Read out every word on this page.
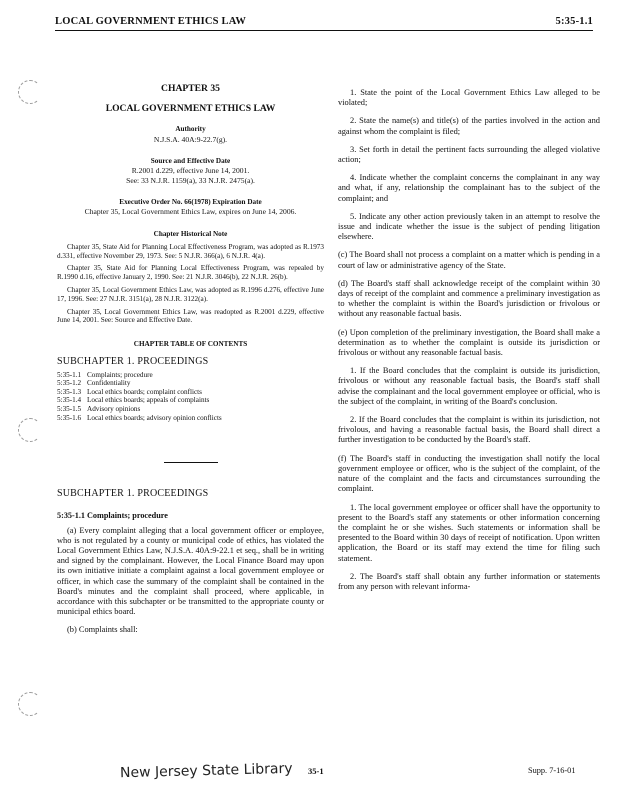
LOCAL GOVERNMENT ETHICS LAW	5:35-1.1
CHAPTER 35
LOCAL GOVERNMENT ETHICS LAW
Authority
N.J.S.A. 40A:9-22.7(g).
Source and Effective Date
R.2001 d.229, effective June 14, 2001.
See: 33 N.J.R. 1159(a), 33 N.J.R. 2475(a).
Executive Order No. 66(1978) Expiration Date
Chapter 35, Local Government Ethics Law, expires on June 14, 2006.
Chapter Historical Note
Chapter 35, State Aid for Planning Local Effectiveness Program, was adopted as R.1973 d.331, effective November 29, 1973. See: 5 N.J.R. 366(a), 6 N.J.R. 4(a).
Chapter 35, State Aid for Planning Local Effectiveness Program, was repealed by R.1990 d.16, effective January 2, 1990. See: 21 N.J.R. 3046(b), 22 N.J.R. 26(b).
Chapter 35, Local Government Ethics Law, was adopted as R.1996 d.276, effective June 17, 1996. See: 27 N.J.R. 3151(a), 28 N.J.R. 3122(a).
Chapter 35, Local Government Ethics Law, was readopted as R.2001 d.229, effective June 14, 2001. See: Source and Effective Date.
CHAPTER TABLE OF CONTENTS
SUBCHAPTER 1. PROCEEDINGS
5:35-1.1	Complaints; procedure
5:35-1.2	Confidentiality
5:35-1.3	Local ethics boards; complaint conflicts
5:35-1.4	Local ethics boards; appeals of complaints
5:35-1.5	Advisory opinions
5:35-1.6	Local ethics boards; advisory opinion conflicts
SUBCHAPTER 1. PROCEEDINGS
5:35-1.1 Complaints; procedure
(a) Every complaint alleging that a local government officer or employee, who is not regulated by a county or municipal code of ethics, has violated the Local Government Ethics Law, N.J.S.A. 40A:9-22.1 et seq., shall be in writing and signed by the complainant. However, the Local Finance Board may upon its own initiative initiate a complaint against a local government employee or officer, in which case the summary of the complaint shall be contained in the Board's minutes and the complaint shall proceed, where applicable, in accordance with this subchapter or be transmitted to the appropriate county or municipal ethics board.
(b) Complaints shall:
1. State the point of the Local Government Ethics Law alleged to be violated;
2. State the name(s) and title(s) of the parties involved in the action and against whom the complaint is filed;
3. Set forth in detail the pertinent facts surrounding the alleged violative action;
4. Indicate whether the complaint concerns the complainant in any way and what, if any, relationship the complainant has to the subject of the complaint; and
5. Indicate any other action previously taken in an attempt to resolve the issue and indicate whether the issue is the subject of pending litigation elsewhere.
(c) The Board shall not process a complaint on a matter which is pending in a court of law or administrative agency of the State.
(d) The Board's staff shall acknowledge receipt of the complaint within 30 days of receipt of the complaint and commence a preliminary investigation as to whether the complaint is within the Board's jurisdiction or frivolous or without any reasonable factual basis.
(e) Upon completion of the preliminary investigation, the Board shall make a determination as to whether the complaint is outside its jurisdiction or frivolous or without any reasonable factual basis.
1. If the Board concludes that the complaint is outside its jurisdiction, frivolous or without any reasonable factual basis, the Board's staff shall advise the complainant and the local government employee or official, who is the subject of the complaint, in writing of the Board's conclusion.
2. If the Board concludes that the complaint is within its jurisdiction, not frivolous, and having a reasonable factual basis, the Board shall direct a further investigation to be conducted by the Board's staff.
(f) The Board's staff in conducting the investigation shall notify the local government employee or officer, who is the subject of the complaint, of the nature of the complaint and the facts and circumstances surrounding the complaint.
1. The local government employee or officer shall have the opportunity to present to the Board's staff any statements or other information concerning the complaint he or she wishes. Such statements or information shall be presented to the Board within 30 days of receipt of notification. Upon written application, the Board or its staff may extend the time for filing such statement.
2. The Board's staff shall obtain any further information or statements from any person with relevant informa-
New Jersey State Library 35-1	Supp. 7-16-01
